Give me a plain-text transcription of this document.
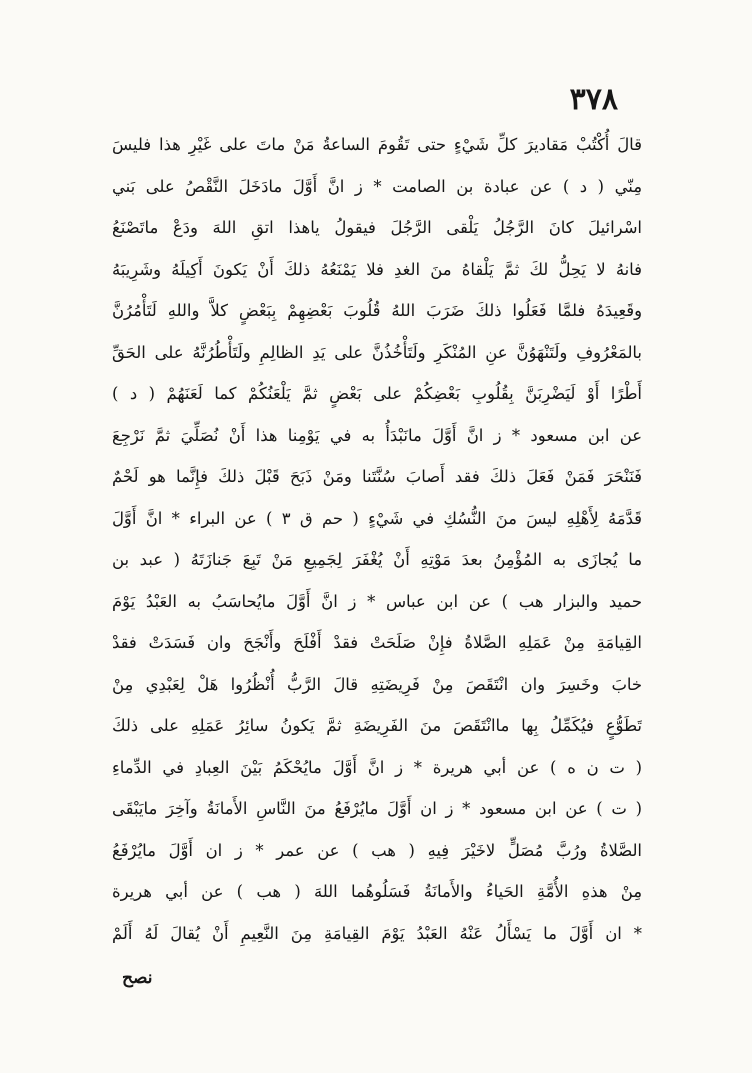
٣٧٨
قالَ أُكْتُبْ مَقاديرَ كلِّ شَيْءٍ حتى تَقُومَ الساعةُ مَنْ ماتَ على غَيْرِ هذا فليسَ
مِنّي ( د ) عن عبادة بن الصامت * ز انَّ أَوَّلَ مادَخَلَ النَّقْصُ على بَني
اسْرائيلَ كانَ الرَّجُلُ يَلْقى الرَّجُلَ فيقولُ ياهذا اتقِ اللهَ ودَعْ ماتَصْنَعُ
فانهُ لا يَحِلُّ لكَ ثمَّ يَلْقاهُ منَ الغدِ فلا يَمْنَعُهُ ذلكَ أَنْ يَكونَ أَكِيلَهُ وشَرِيبَهُ
وقَعِيدَهُ فلمَّا فَعَلُوا ذلكَ ضَرَبَ اللهُ قُلُوبَ بَعْضِهِمْ بِبَعْضٍ كلاَّ واللهِ لَتَأْمُرُنَّ
بالمَعْرُوفِ ولَتَنْهَوُنَّ عنِ المُنْكَرِ ولَتَأْخُذُنَّ على يَدِ الظالِمِ ولَتَأْطُرُنَّهُ على الحَقِّ
أَطْرًا أَوْ لَيَضْرِبَنَّ بِقُلُوبِ بَعْضِكُمْ على بَعْضٍ ثمَّ يَلْعَنُكُمْ كما لَعَنَهُمْ ( د )
عن ابن مسعود * ز انَّ أَوَّلَ مانَبْدَأُ به في يَوْمِنا هذا أَنْ نُصَلِّيَ ثمَّ نَرْجِعَ
فَنَنْحَرَ فَمَنْ فَعَلَ ذلكَ فقد أَصابَ سُنَّتَنا ومَنْ ذَبَحَ قَبْلَ ذلكَ فإِنَّما هو لَحْمٌ
قَدَّمَهُ لِأَهْلِهِ ليسَ منَ النُّسُكِ في شَيْءٍ ( حم ق ٣ ) عن البراء * انَّ أَوَّلَ
ما يُجازَى به المُؤْمِنُ بعدَ مَوْتِهِ أَنْ يُغْفَرَ لِجَمِيعِ مَنْ تَبِعَ جَنازَتَهُ ( عبد بن
حميد والبزار هب ) عن ابن عباس * ز انَّ أَوَّلَ مايُحاسَبُ به العَبْدُ يَوْمَ
القِيامَةِ مِنْ عَمَلِهِ الصَّلاةُ فإِنْ صَلَحَتْ فقدْ أَفْلَحَ وأَنْجَحَ وان فَسَدَتْ فقدْ
خابَ وخَسِرَ وان انْتَقَصَ مِنْ فَرِيضَتِهِ قالَ الرَّبُّ أُنْظُرُوا هَلْ لِعَبْدِي مِنْ
تَطَوُّعٍ فيُكَمِّلُ بِها ماانْتَقَصَ منَ الفَرِيضَةِ ثمَّ يَكونُ سائِرُ عَمَلِهِ على ذلكَ
( ت ن ه ) عن أبي هريرة * ز انَّ أَوَّلَ مايُحْكَمُ بَيْنَ العِبادِ في الدِّماءِ
( ت ) عن ابن مسعود * ز ان أَوَّلَ مايُرْفَعُ منَ النَّاسِ الأَمانَةُ وآخِرَ مايَبْقَى
الصَّلاةُ ورُبَّ مُصَلٍّ لاخَيْرَ فِيهِ ( هب ) عن عمر * ز ان أَوَّلَ مايُرْفَعُ
مِنْ هذهِ الأُمَّةِ الحَياءُ والأَمانَةُ فَسَلُوهُما اللهَ ( هب ) عن أبي هريرة
* ان أَوَّلَ ما يَسْأَلُ عَنْهُ العَبْدُ يَوْمَ القِيامَةِ مِنَ النَّعِيمِ أَنْ يُقالَ لَهُ أَلَمْ
نصح
